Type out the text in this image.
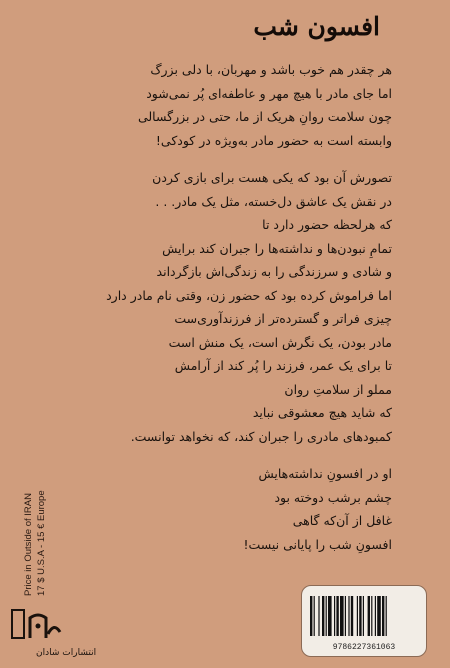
افسون شب
هر چقدر هم خوب باشد و مهربان، با دلی بزرگ
اما جای مادر با هیچ مهر و عاطفه‌ای پُر نمی‌شود
چون سلامت روانِ هریک از ما، حتی در بزرگسالی
وابسته است به حضور مادر به‌ویژه در کودکی!
تصورش آن بود که یکی هست برای بازی کردن
در نقش یک عاشق دل‌خسته، مثل یک مادر. . .
که هرلحظه حضور دارد تا
تمامِ نبودن‌ها و نداشته‌ها را جبران کند برایش
و شادی و سرزندگی را به زندگی‌اش بازگرداند
اما فراموش کرده بود که حضور زن، وقتی نام مادر دارد
چیزی فراتر و گسترده‌تر از فرزندآوری‌ست
مادر بودن، یک نگرش است، یک منش است
تا برای یک عمر، فرزند را پُر کند از آرامش
مملو از سلامتِ روان
که شاید هیچ معشوقی نباید
کمبودهای مادری را جبران کند، که نخواهد توانست.
او در افسونِ نداشته‌هایش
چشم برشب دوخته بود
غافل از آن‌که گاهی
افسونِ شب را پایانی نیست!
Price in Outside of IRAN 17 $ U.S.A - 15 € Europe
انتشارات شادان
9786227361063
